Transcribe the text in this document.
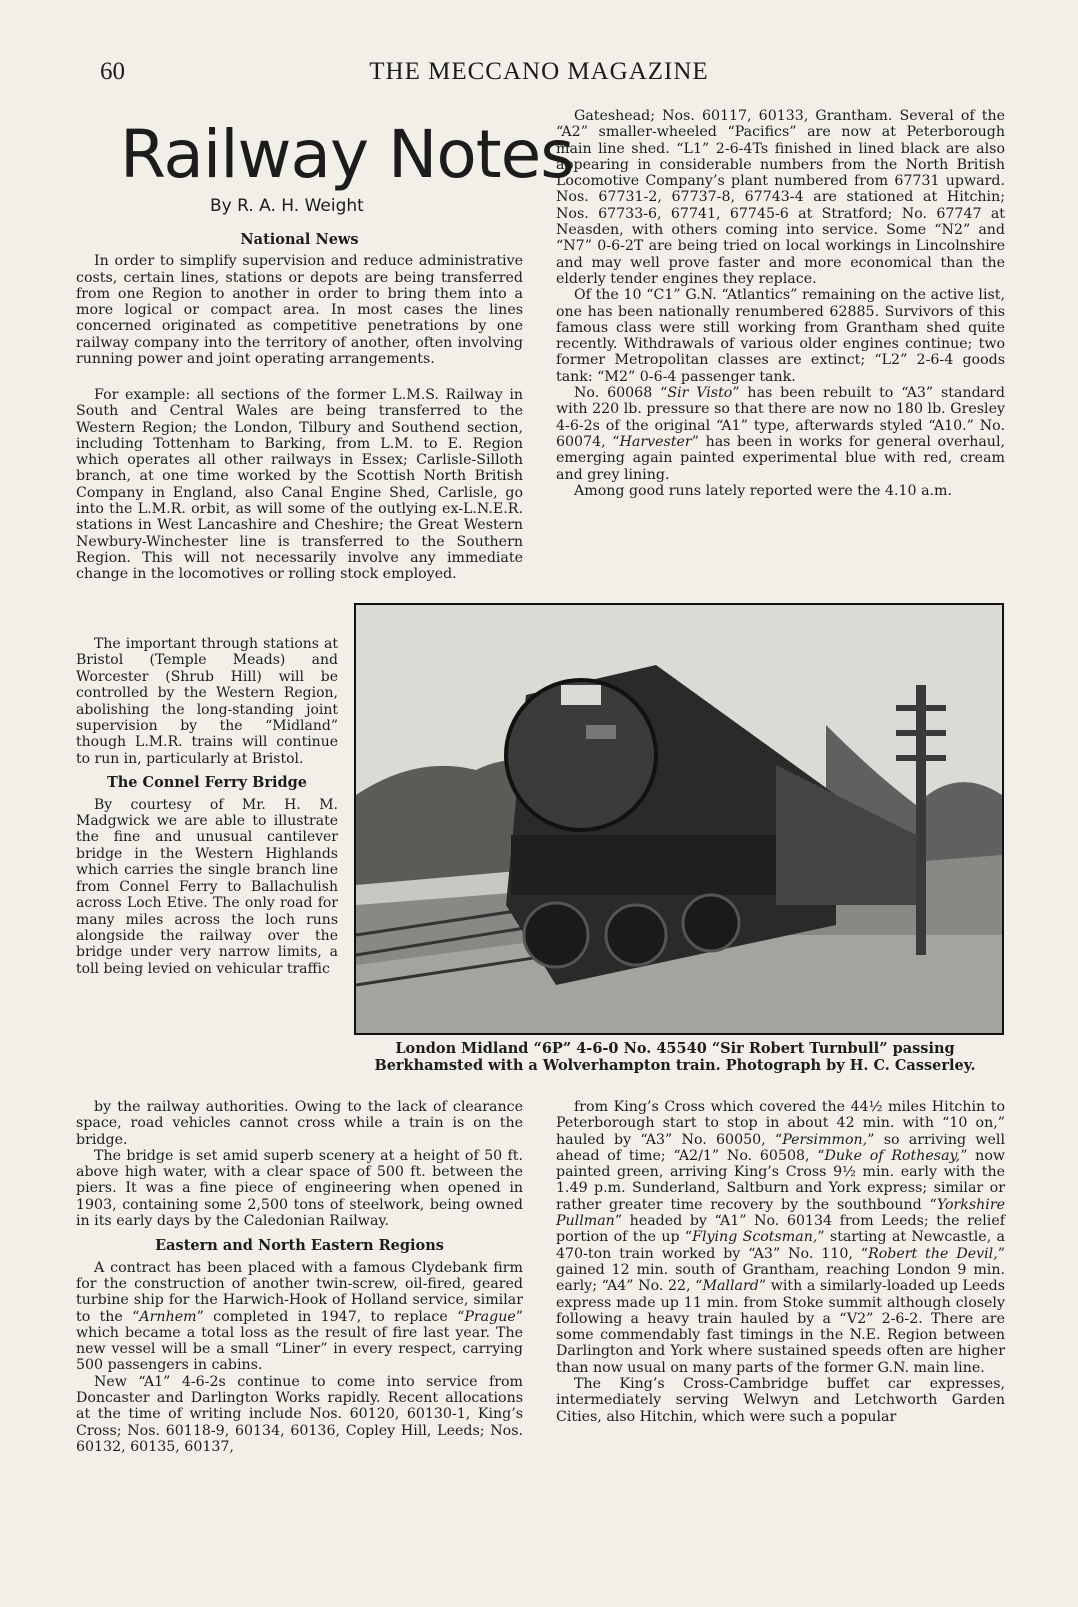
60	THE MECCANO MAGAZINE
Railway Notes
By R. A. H. Weight
National News

In order to simplify supervision and reduce administrative costs, certain lines, stations or depots are being transferred from one Region to another in order to bring them into a more logical or compact area. In most cases the lines concerned originated as competitive penetrations by one railway company into the territory of another, often involving running power and joint operating arrangements.

For example: all sections of the former L.M.S. Railway in South and Central Wales are being transferred to the Western Region; the London, Tilbury and Southend section, including Tottenham to Barking, from L.M. to E. Region which operates all other railways in Essex; Carlisle-Silloth branch, at one time worked by the Scottish North British Company in England, also Canal Engine Shed, Carlisle, go into the L.M.R. orbit, as will some of the outlying ex-L.N.E.R. stations in West Lancashire and Cheshire; the Great Western Newbury-Winchester line is transferred to the Southern Region. This will not necessarily involve any immediate change in the locomotives or rolling stock employed.

The important through stations at Bristol (Temple Meads) and Worcester (Shrub Hill) will be controlled by the Western Region, abolishing the long-standing joint supervision by the “Midland” though L.M.R. trains will continue to run in, particularly at Bristol.

The Connel Ferry Bridge

By courtesy of Mr. H. M. Madgwick we are able to illustrate the fine and unusual cantilever bridge in the Western Highlands which carries the single branch line from Connel Ferry to Ballachulish across Loch Etive. The only road for many miles across the loch runs alongside the railway over the bridge under very narrow limits, a toll being levied on vehicular traffic

by the railway authorities. Owing to the lack of clearance space, road vehicles cannot cross while a train is on the bridge.

The bridge is set amid superb scenery at a height of 50 ft. above high water, with a clear space of 500 ft. between the piers. It was a fine piece of engineering when opened in 1903, containing some 2,500 tons of steelwork, being owned in its early days by the Caledonian Railway.

Eastern and North Eastern Regions

A contract has been placed with a famous Clydebank firm for the construction of another twin-screw, oil-fired, geared turbine ship for the Harwich-Hook of Holland service, similar to the “Arnhem” completed in 1947, to replace “Prague” which became a total loss as the result of fire last year. The new vessel will be a small “Liner” in every respect, carrying 500 passengers in cabins.

New “A1” 4-6-2s continue to come into service from Doncaster and Darlington Works rapidly. Recent allocations at the time of writing include Nos. 60120, 60130-1, King’s Cross; Nos. 60118-9, 60134, 60136, Copley Hill, Leeds; Nos. 60132, 60135, 60137,

Gateshead; Nos. 60117, 60133, Grantham. Several of the “A2” smaller-wheeled “Pacifics” are now at Peterborough main line shed. “L1” 2-6-4Ts finished in lined black are also appearing in considerable numbers from the North British Locomotive Company’s plant numbered from 67731 upward. Nos. 67731-2, 67737-8, 67743-4 are stationed at Hitchin; Nos. 67733-6, 67741, 67745-6 at Stratford; No. 67747 at Neasden, with others coming into service. Some “N2” and “N7” 0-6-2T are being tried on local workings in Lincolnshire and may well prove faster and more economical than the elderly tender engines they replace.

Of the 10 “C1” G.N. “Atlantics” remaining on the active list, one has been nationally renumbered 62885. Survivors of this famous class were still working from Grantham shed quite recently. Withdrawals of various older engines continue; two former Metropolitan classes are extinct; “L2” 2-6-4 goods tank: “M2” 0-6-4 passenger tank.

No. 60068 “Sir Visto” has been rebuilt to “A3” standard with 220 lb. pressure so that there are now no 180 lb. Gresley 4-6-2s of the original “A1” type, afterwards styled “A10.” No. 60074, “Harvester” has been in works for general overhaul, emerging again painted experimental blue with red, cream and grey lining.

Among good runs lately reported were the 4.10 a.m.

London Midland “6P” 4-6-0 No. 45540 “Sir Robert Turnbull” passing Berkhamsted with a Wolverhampton train. Photograph by H. C. Casserley.

from King’s Cross which covered the 44½ miles Hitchin to Peterborough start to stop in about 42 min. with “10 on,” hauled by “A3” No. 60050, “Persimmon,” so arriving well ahead of time; “A2/1” No. 60508, “Duke of Rothesay,” now painted green, arriving King’s Cross 9½ min. early with the 1.49 p.m. Sunderland, Saltburn and York express; similar or rather greater time recovery by the southbound “Yorkshire Pullman” headed by “A1” No. 60134 from Leeds; the relief portion of the up “Flying Scotsman,” starting at Newcastle, a 470-ton train worked by “A3” No. 110, “Robert the Devil,” gained 12 min. south of Grantham, reaching London 9 min. early; “A4” No. 22, “Mallard” with a similarly-loaded up Leeds express made up 11 min. from Stoke summit although closely following a heavy train hauled by a “V2” 2-6-2. There are some commendably fast timings in the N.E. Region between Darlington and York where sustained speeds often are higher than now usual on many parts of the former G.N. main line.

The King’s Cross-Cambridge buffet car expresses, intermediately serving Welwyn and Letchworth Garden Cities, also Hitchin, which were such a popular
